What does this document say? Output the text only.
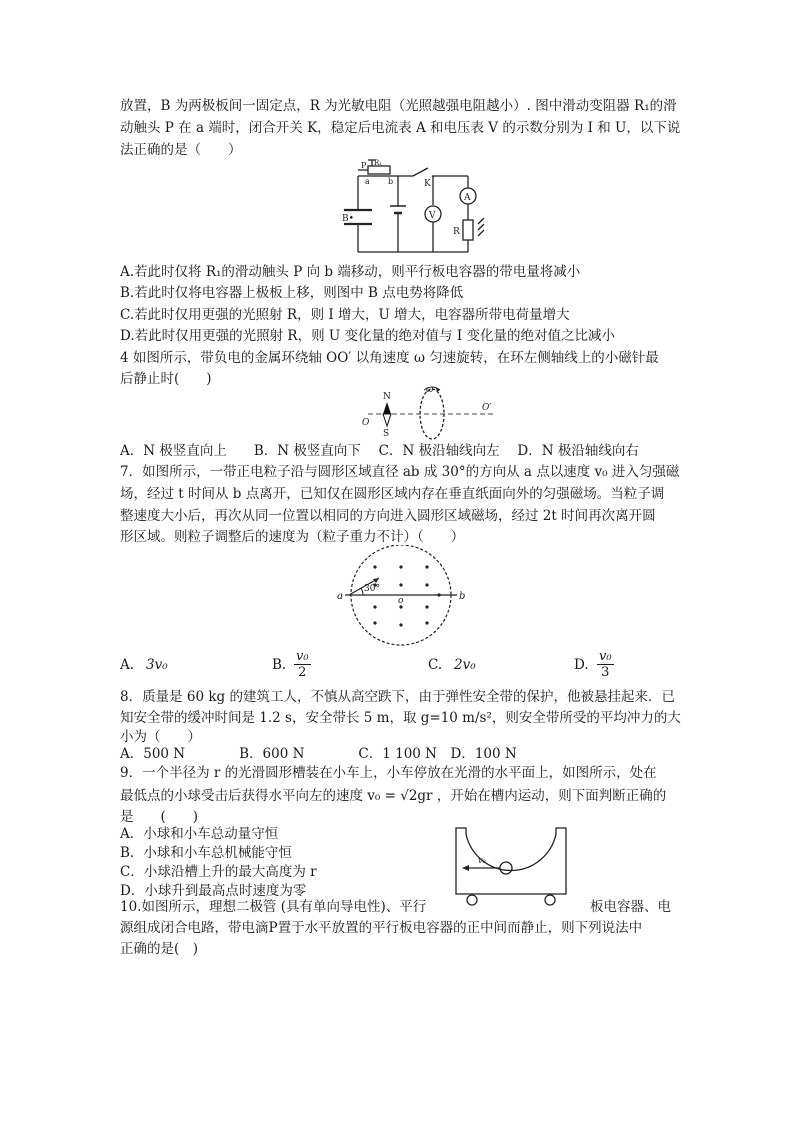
放置，B 为两极板间一固定点，R 为光敏电阻（光照越强电阻越小）. 图中滑动变阻器 R₁的滑
动触头 P 在 a 端时，闭合开关 K，稳定后电流表 A 和电压表 V 的示数分别为 I 和 U，以下说
法正确的是（　　）
P R₁
a b	K
B•	V
A
R
A.若此时仅将 R₁的滑动触头 P 向 b 端移动，则平行板电容器的带电量将减小
B.若此时仅将电容器上极板上移，则图中 B 点电势将降低
C.若此时仅用更强的光照射 R，则 I 增大，U 增大，电容器所带电荷量增大
D.若此时仅用更强的光照射 R，则 U 变化量的绝对值与 I 变化量的绝对值之比减小
4 如图所示，带负电的金属环绕轴 OO′ 以角速度 ω 匀速旋转，在环左侧轴线上的小磁针最
后静止时(　　)
ω
N
S
O
O′
A．N 极竖直向上　　B．N 极竖直向下　 C．N 极沿轴线向左　 D．N 极沿轴线向右
7．如图所示，一带正电粒子沿与圆形区域直径 ab 成 30°的方向从 a 点以速度 v₀ 进入匀强磁
场，经过 t 时间从 b 点离开，已知仅在圆形区域内存在垂直纸面向外的匀强磁场。当粒子调
整速度大小后，再次从同一位置以相同的方向进入圆形区域磁场，经过 2t 时间再次离开圆
形区域。则粒子调整后的速度为（粒子重力不计）（　　）
a	b
o
30°
A. 3v₀	B. $\frac{\text{v₀}}{2}$	C. 2v₀	D. $\frac{\text{v₀}}{3}$
8．质量是 60 kg 的建筑工人，不慎从高空跌下，由于弹性安全带的保护，他被悬挂起来．已
知安全带的缓冲时间是 1.2 s，安全带长 5 m，取 g=10 m/s²，则安全带所受的平均冲力的大
小为（　　）
A．500 N　　　　B．600 N　　　　C．1 100 N　D．100 N
9．一个半径为 r 的光滑圆形槽装在小车上，小车停放在光滑的水平面上，如图所示，处在
最低点的小球受击后获得水平向左的速度 v₀ = √2gr ，开始在槽内运动，则下面判断正确的
是　　(　　)
A．小球和小车总动量守恒
B．小球和小车总机械能守恒
C．小球沿槽上升的最大高度为 r
D．小球升到最高点时速度为零
v₀
10.如图所示，理想二极管 (具有单向导电性)、平行	板电容器、电
源组成闭合电路，带电滴P置于水平放置的平行板电容器的正中间而静止，则下列说法中
正确的是(　)
